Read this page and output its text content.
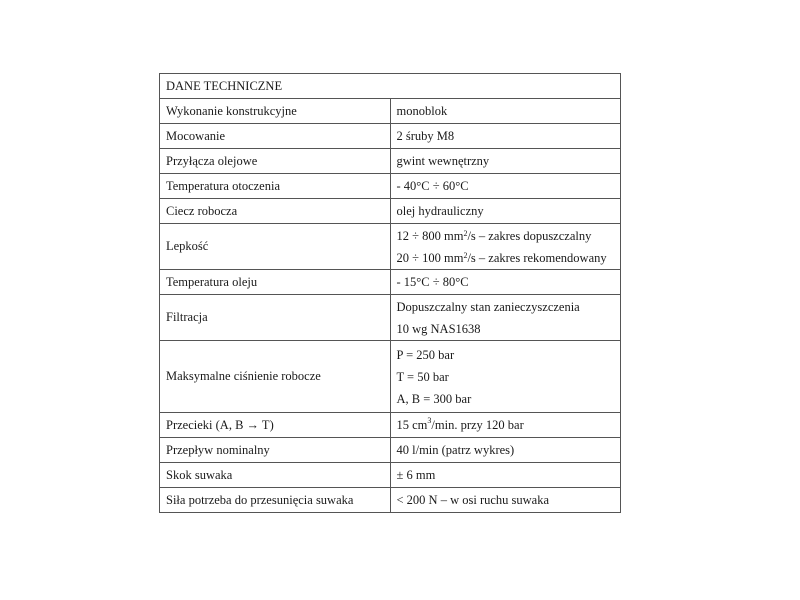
DANE TECHNICZNE	
Wykonanie konstrukcyjne	monoblok
Mocowanie	2 śruby M8
Przyłącza olejowe	gwint wewnętrzny
Temperatura otoczenia	- 40°C ÷ 60°C
Ciecz robocza	olej hydrauliczny
Lepkość	12 ÷ 800 $mm^2/s$ – zakres dopuszczalny
20 ÷ 100 $mm^2/s$ – zakres rekomendowany

Temperatura oleju	- 15°C ÷ 80°C
Filtracja	Dopuszczalny stan zanieczyszczenia
10 wg NAS1638

Maksymalne ciśnienie robocze	P = 250 bar
T = 50 bar
A, B = 300 bar

Przecieki (A, B → T)	15 $cm^3/\min$. przy 120 bar
Przepływ nominalny	40 l/min (patrz wykres)
Skok suwaka	± 6 mm
Siła potrzeba do przesunięcia suwaka	< 200 N – w osi ruchu suwaka
